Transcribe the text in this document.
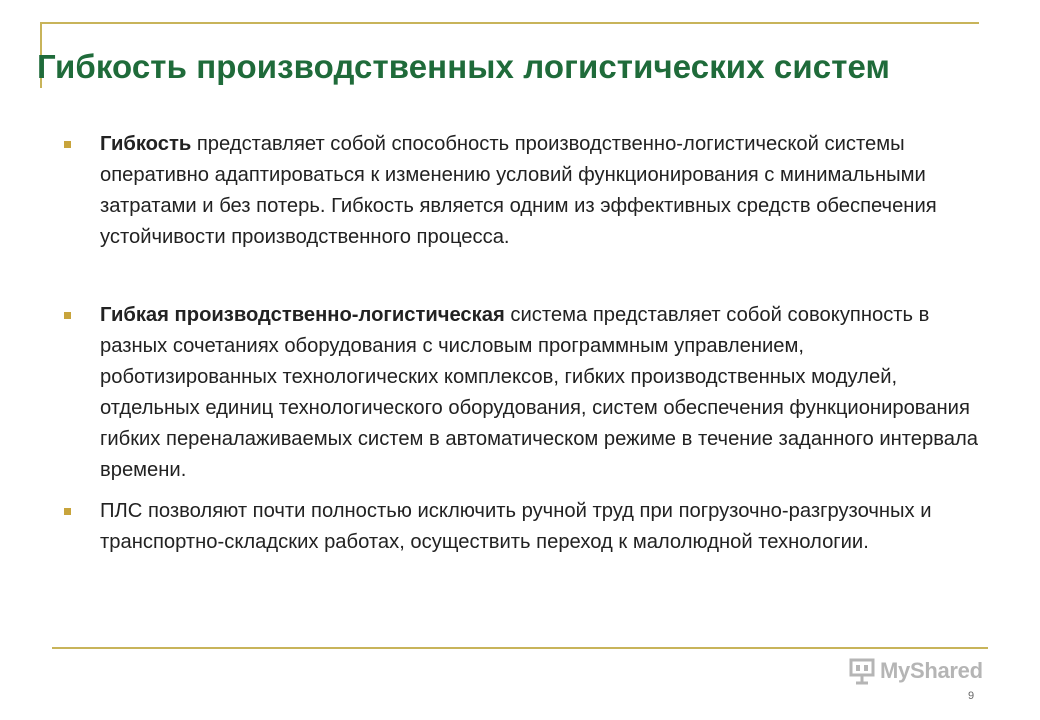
Гибкость производственных логистических систем
Гибкость представляет собой способность производственно-логистической системы оперативно адаптироваться к изменению условий функционирования с минимальными затратами и без потерь. Гибкость является одним из эффективных средств обеспечения устойчивости производственного процесса.
Гибкая производственно-логистическая система представляет собой совокупность в разных сочетаниях оборудования с числовым программным управлением, роботизированных технологических комплексов, гибких производственных модулей, отдельных единиц технологического оборудования, систем обеспечения функционирования гибких переналаживаемых систем в автоматическом режиме в течение заданного интервала времени.
ПЛС позволяют почти полностью исключить ручной труд при погрузочно-разгрузочных и транспортно-складских работах, осуществить переход к малолюдной технологии.
MyShared
9
